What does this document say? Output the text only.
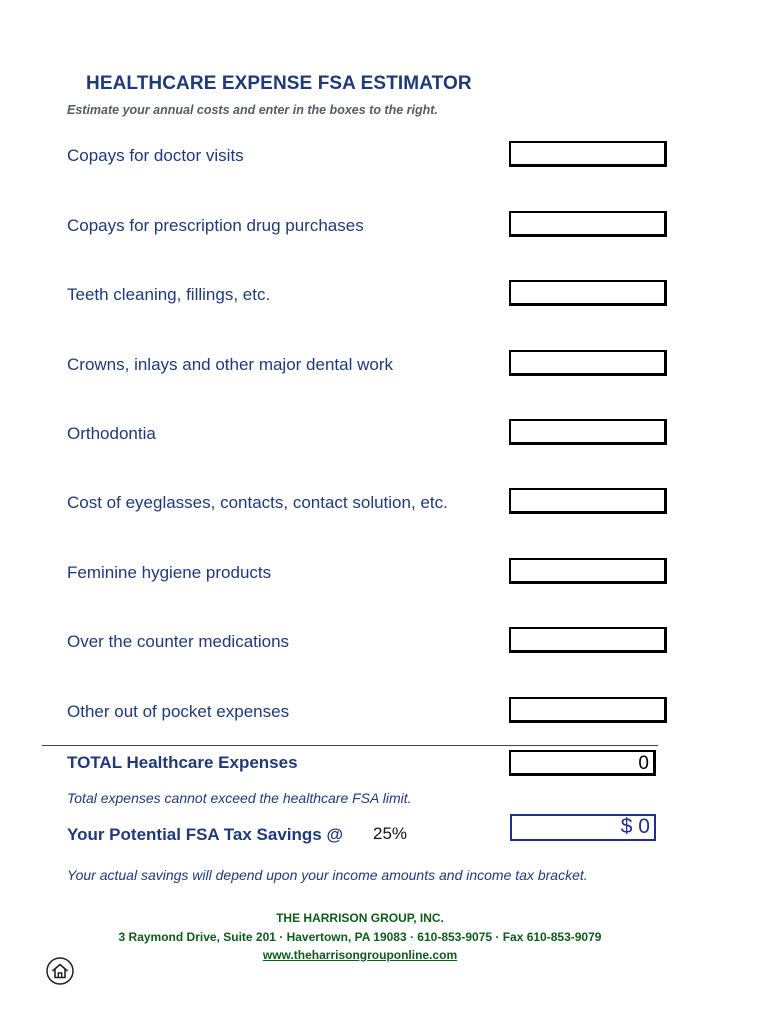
HEALTHCARE EXPENSE FSA ESTIMATOR
Estimate your annual costs and enter in the boxes to the right.
Copays for doctor visits
Copays for prescription drug purchases
Teeth cleaning, fillings, etc.
Crowns, inlays and other major dental work
Orthodontia
Cost of eyeglasses, contacts, contact solution, etc.
Feminine hygiene products
Over the counter medications
Other out of pocket expenses
TOTAL Healthcare Expenses	0
Total expenses cannot exceed the healthcare FSA limit.
Your Potential FSA Tax Savings @ 25%	$ 0
Your actual savings will depend upon your income amounts and income tax bracket.
THE HARRISON GROUP, INC.
3 Raymond Drive, Suite 201 · Havertown, PA 19083 · 610-853-9075 · Fax 610-853-9079
www.theharrisongrouponline.com
